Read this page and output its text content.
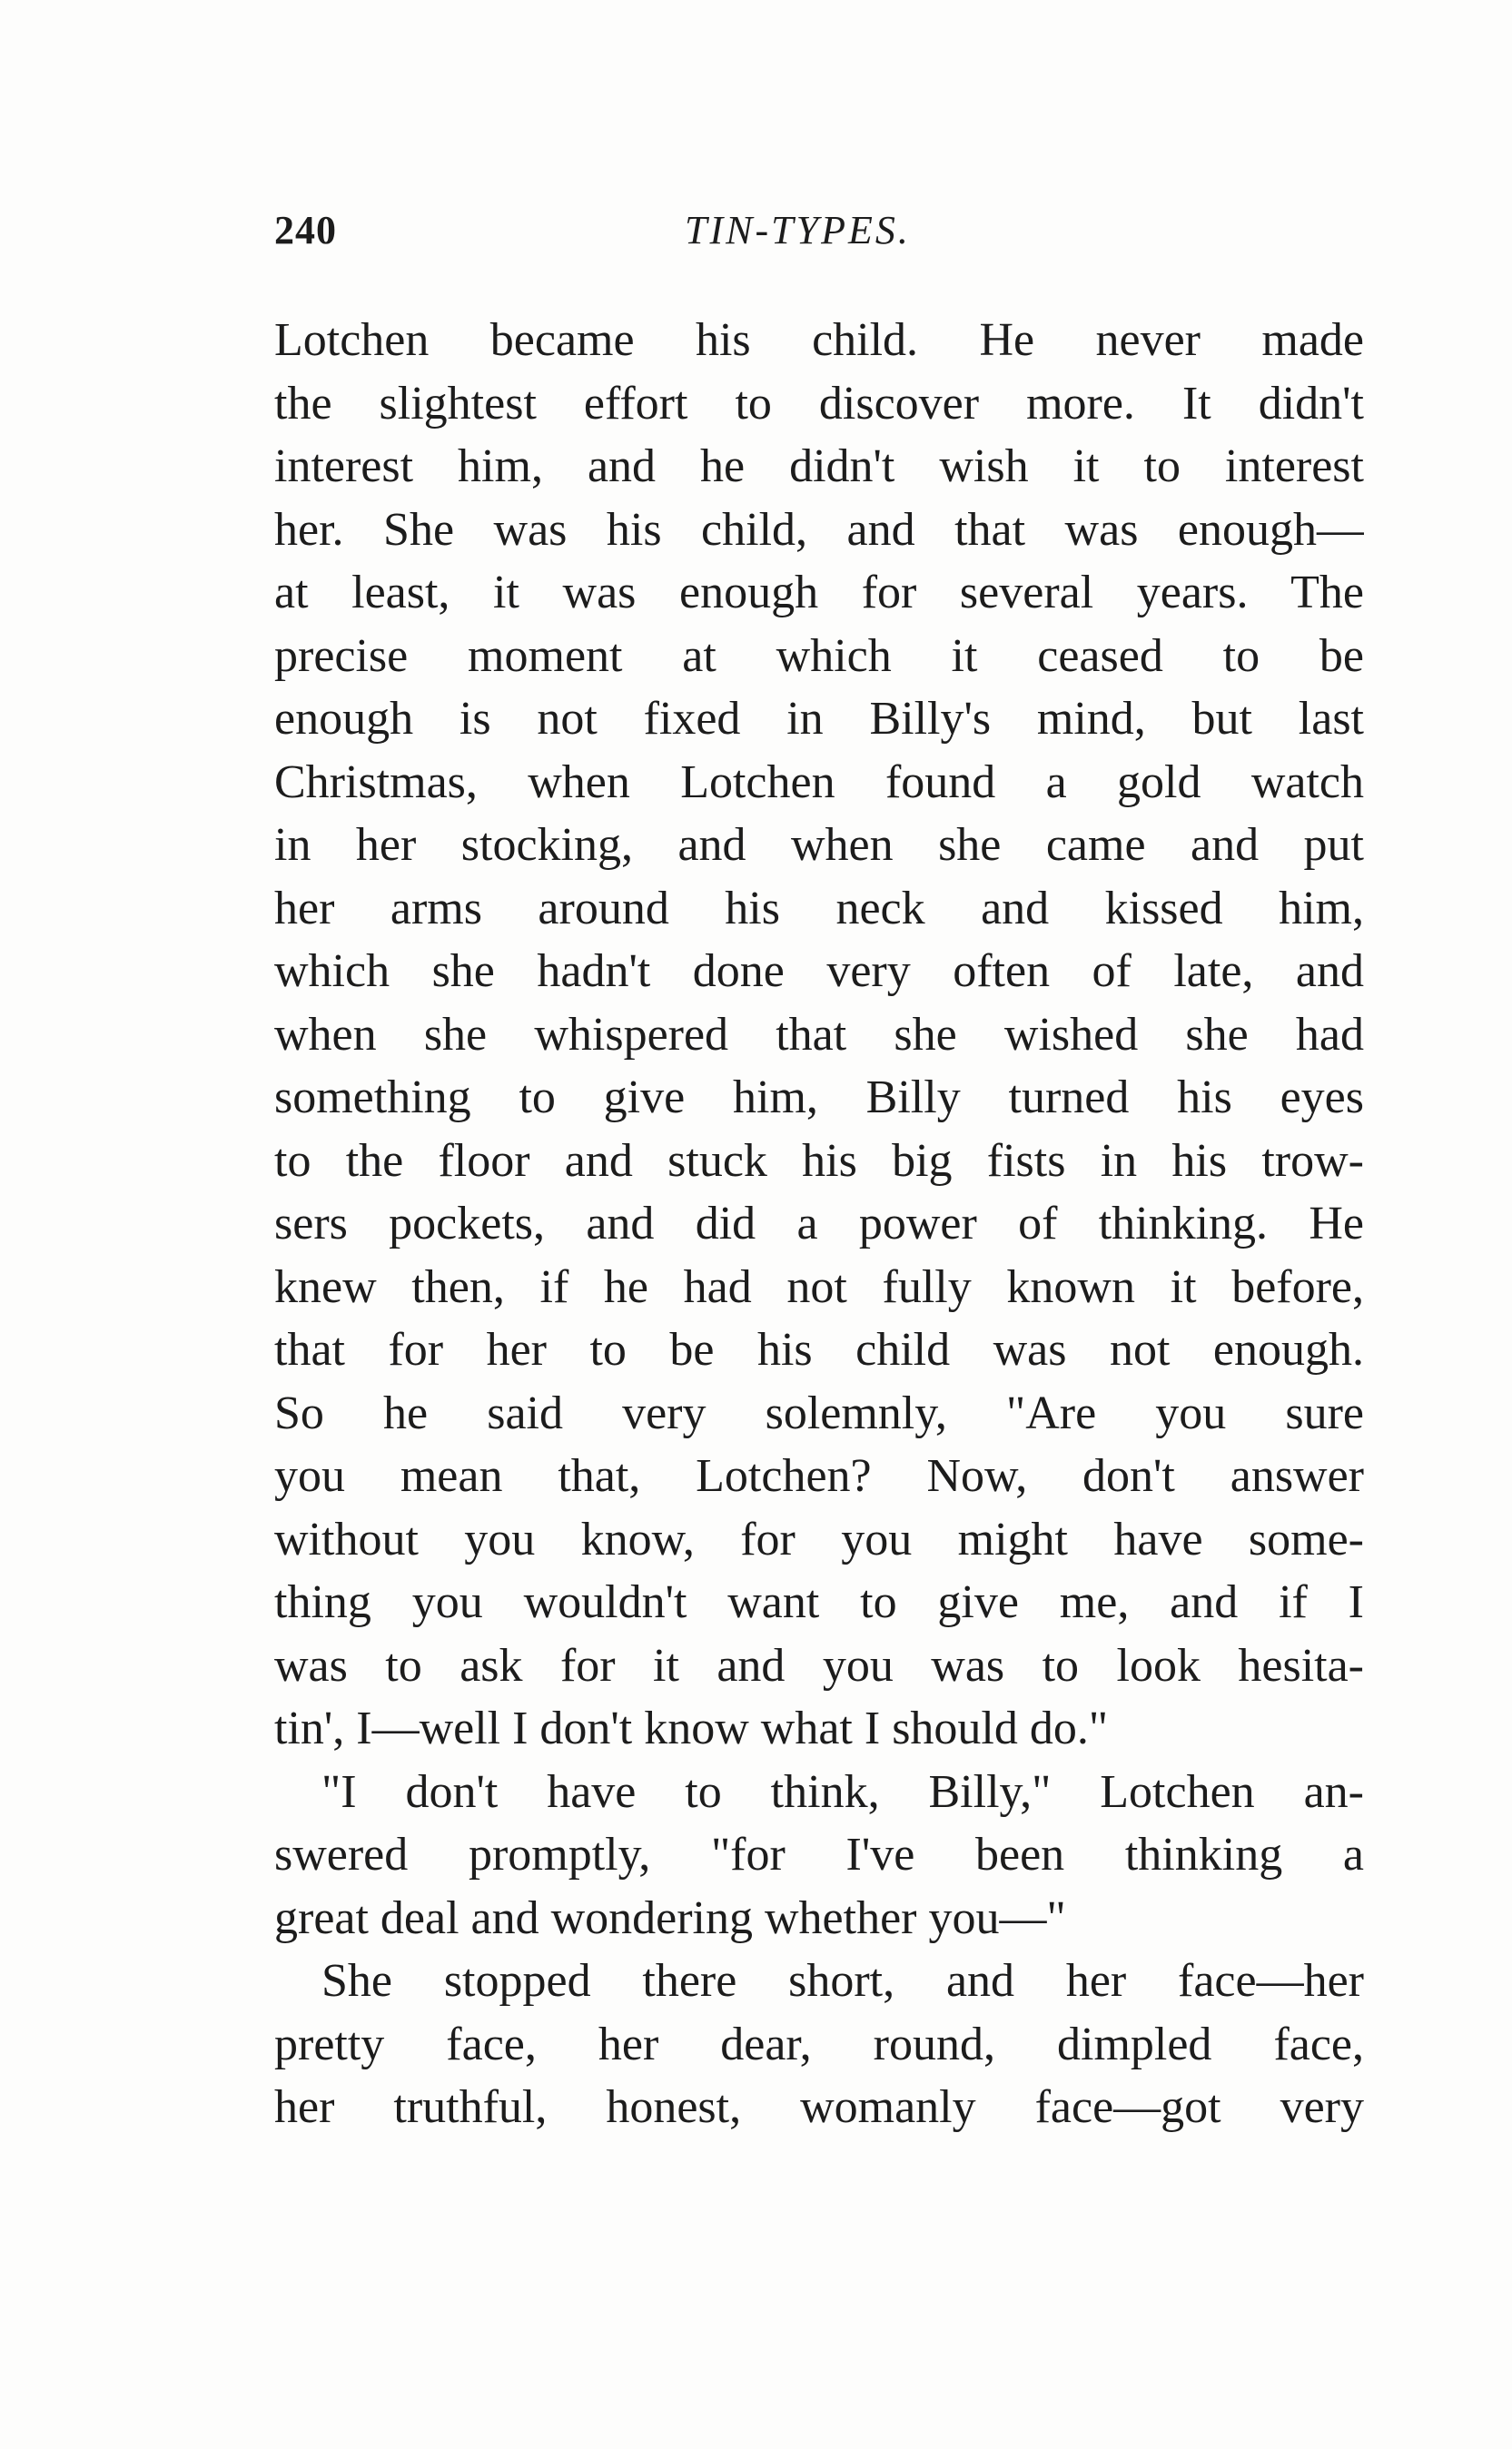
240	TIN-TYPES.
Lotchen became his child. He never made
the slightest effort to discover more. It didn't
interest him, and he didn't wish it to interest
her. She was his child, and that was enough—
at least, it was enough for several years. The
precise moment at which it ceased to be
enough is not fixed in Billy's mind, but last
Christmas, when Lotchen found a gold watch
in her stocking, and when she came and put
her arms around his neck and kissed him,
which she hadn't done very often of late, and
when she whispered that she wished she had
something to give him, Billy turned his eyes
to the floor and stuck his big fists in his trow-
sers pockets, and did a power of thinking. He
knew then, if he had not fully known it before,
that for her to be his child was not enough.
So he said very solemnly, "Are you sure
you mean that, Lotchen? Now, don't answer
without you know, for you might have some-
thing you wouldn't want to give me, and if I
was to ask for it and you was to look hesita-
tin', I—well I don't know what I should do."
"I don't have to think, Billy," Lotchen an-
swered promptly, "for I've been thinking a
great deal and wondering whether you—"
She stopped there short, and her face—her
pretty face, her dear, round, dimpled face,
her truthful, honest, womanly face—got very
